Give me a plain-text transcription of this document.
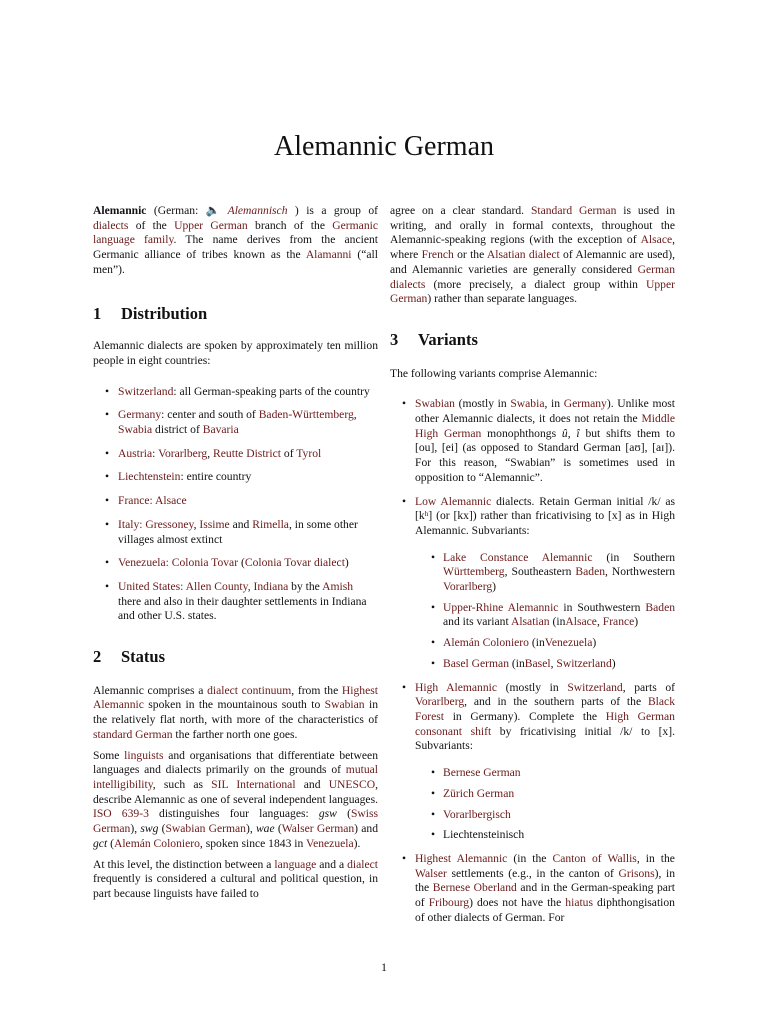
Alemannic German

Alemannic (German: 🔈 Alemannisch ) is a group of dialects of the Upper German branch of the Germanic language family. The name derives from the ancient Germanic alliance of tribes known as the Alamanni (“all men”).

1 Distribution

Alemannic dialects are spoken by approximately ten million people in eight countries:

• Switzerland: all German-speaking parts of the country
• Germany: center and south of Baden-Württemberg, Swabia district of Bavaria
• Austria: Vorarlberg, Reutte District of Tyrol
• Liechtenstein: entire country
• France: Alsace
• Italy: Gressoney, Issime and Rimella, in some other villages almost extinct
• Venezuela: Colonia Tovar (Colonia Tovar dialect)
• United States: Allen County, Indiana by the Amish there and also in their daughter settlements in Indiana and other U.S. states.
2 Status

Alemannic comprises a dialect continuum, from the Highest Alemannic spoken in the mountainous south to Swabian in the relatively flat north, with more of the characteristics of standard German the farther north one goes.

Some linguists and organisations that differentiate between languages and dialects primarily on the grounds of mutual intelligibility, such as SIL International and UNESCO, describe Alemannic as one of several independent languages. ISO 639-3 distinguishes four languages: gsw (Swiss German), swg (Swabian German), wae (Walser German) and gct (Alemán Coloniero, spoken since 1843 in Venezuela).

At this level, the distinction between a language and a dialect frequently is considered a cultural and political question, in part because linguists have failed to

agree on a clear standard. Standard German is used in writing, and orally in formal contexts, throughout the Alemannic-speaking regions (with the exception of Alsace, where French or the Alsatian dialect of Alemannic are used), and Alemannic varieties are generally considered German dialects (more precisely, a dialect group within Upper German) rather than separate languages.

3 Variants

The following variants comprise Alemannic:

• Swabian (mostly in Swabia, in Germany). Unlike most other Alemannic dialects, it does not retain the Middle High German monophthongs û, î but shifts them to [ou], [ei] (as opposed to Standard German [aʊ], [aɪ]). For this reason, “Swabian” is sometimes used in opposition to “Alemannic”.
• Low Alemannic dialects. Retain German initial /k/ as [kʰ] (or [kx]) rather than fricativising to [x] as in High Alemannic. Subvariants:
• Lake Constance Alemannic (in Southern Württemberg, Southeastern Baden, Northwestern Vorarlberg)
• Upper-Rhine Alemannic in Southwestern Baden and its variant Alsatian (inAlsace, France)
• Alemán Coloniero (inVenezuela)
• Basel German (inBasel, Switzerland)
• High Alemannic (mostly in Switzerland, parts of Vorarlberg, and in the southern parts of the Black Forest in Germany). Complete the High German consonant shift by fricativising initial /k/ to [x]. Subvariants:
• Bernese German
• Zürich German
• Vorarlbergisch
• Liechtensteinisch
• Highest Alemannic (in the Canton of Wallis, in the Walser settlements (e.g., in the canton of Grisons), in the Bernese Oberland and in the German-speaking part of Fribourg) does not have the hiatus diphthongisation of other dialects of German. For
1
